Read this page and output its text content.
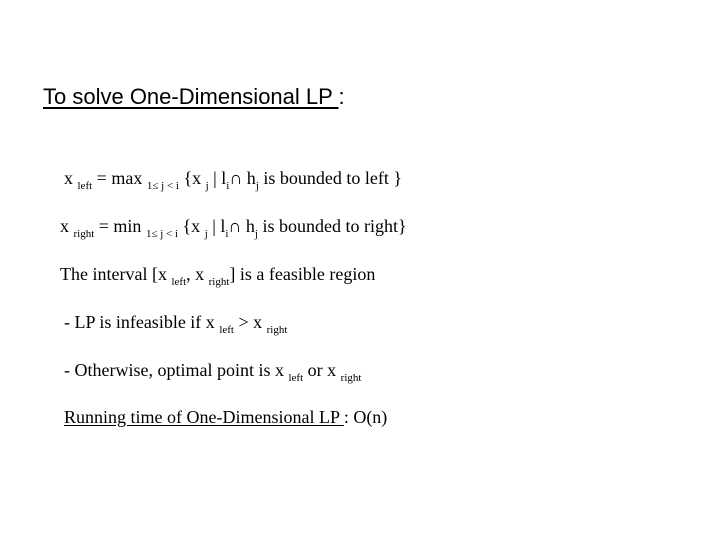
To solve One-Dimensional LP :
x $_{left}$ = max $_{1\le j < i}$ {x $_j$ | $l_i\cap$ $h_j$ is bounded to left }
x $_{right}$ = min $_{1\le j < i}$ {x $_j$ | $l_i\cap$ $h_j$ is bounded to right}
The interval [x $_{left}$, x $_{right}$] is a feasible region
- LP is infeasible if x $_{left}$ > x $_{right}$
- Otherwise, optimal point is x $_{left}$ or x $_{right}$
Running time of One-Dimensional LP : O(n)
